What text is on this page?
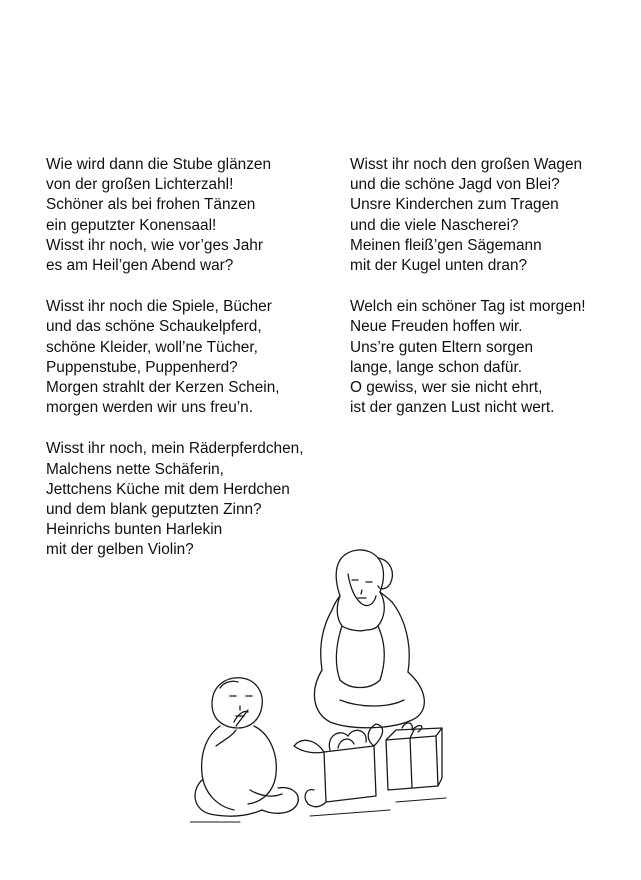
Wie wird dann die Stube glänzen
von der großen Lichterzahl!
Schöner als bei frohen Tänzen
ein geputzter Konensaal!
Wisst ihr noch, wie vor’ges Jahr
es am Heil’gen Abend war?
Wisst ihr noch die Spiele, Bücher
und das schöne Schaukelpferd,
schöne Kleider, woll’ne Tücher,
Puppenstube, Puppenherd?
Morgen strahlt der Kerzen Schein,
morgen werden wir uns freu’n.
Wisst ihr noch, mein Räderpferdchen,
Malchens nette Schäferin,
Jettchens Küche mit dem Herdchen
und dem blank geputzten Zinn?
Heinrichs bunten Harlekin
mit der gelben Violin?
Wisst ihr noch den großen Wagen
und die schöne Jagd von Blei?
Unsre Kinderchen zum Tragen
und die viele Nascherei?
Meinen fleiß’gen Sägemann
mit der Kugel unten dran?
Welch ein schöner Tag ist morgen!
Neue Freuden hoffen wir.
Uns’re guten Eltern sorgen
lange, lange schon dafür.
O gewiss, wer sie nicht ehrt,
ist der ganzen Lust nicht wert.
